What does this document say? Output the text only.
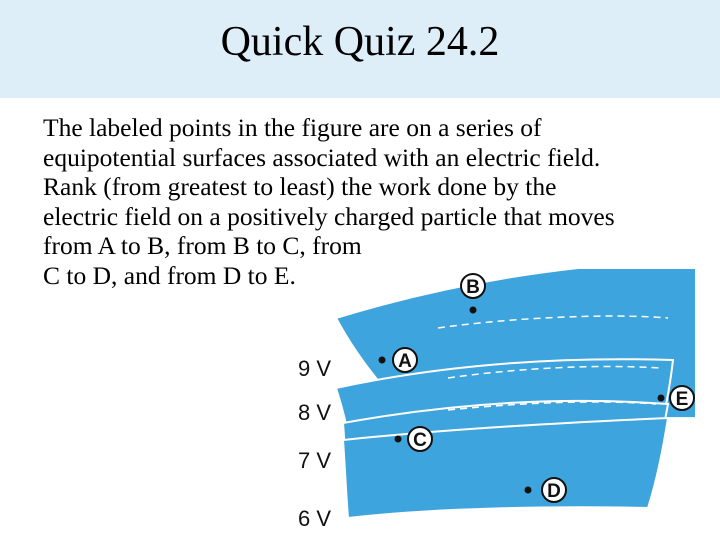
Quick Quiz 24.2

The labeled points in the figure are on a series of
equipotential surfaces associated with an electric field.
Rank (from greatest to least) the work done by the
electric field on a positively charged particle that moves
from A to B, from B to C, from
C to D, and from D to E.

9 V
8 V
7 V
6 V
B
A
E
C
D
